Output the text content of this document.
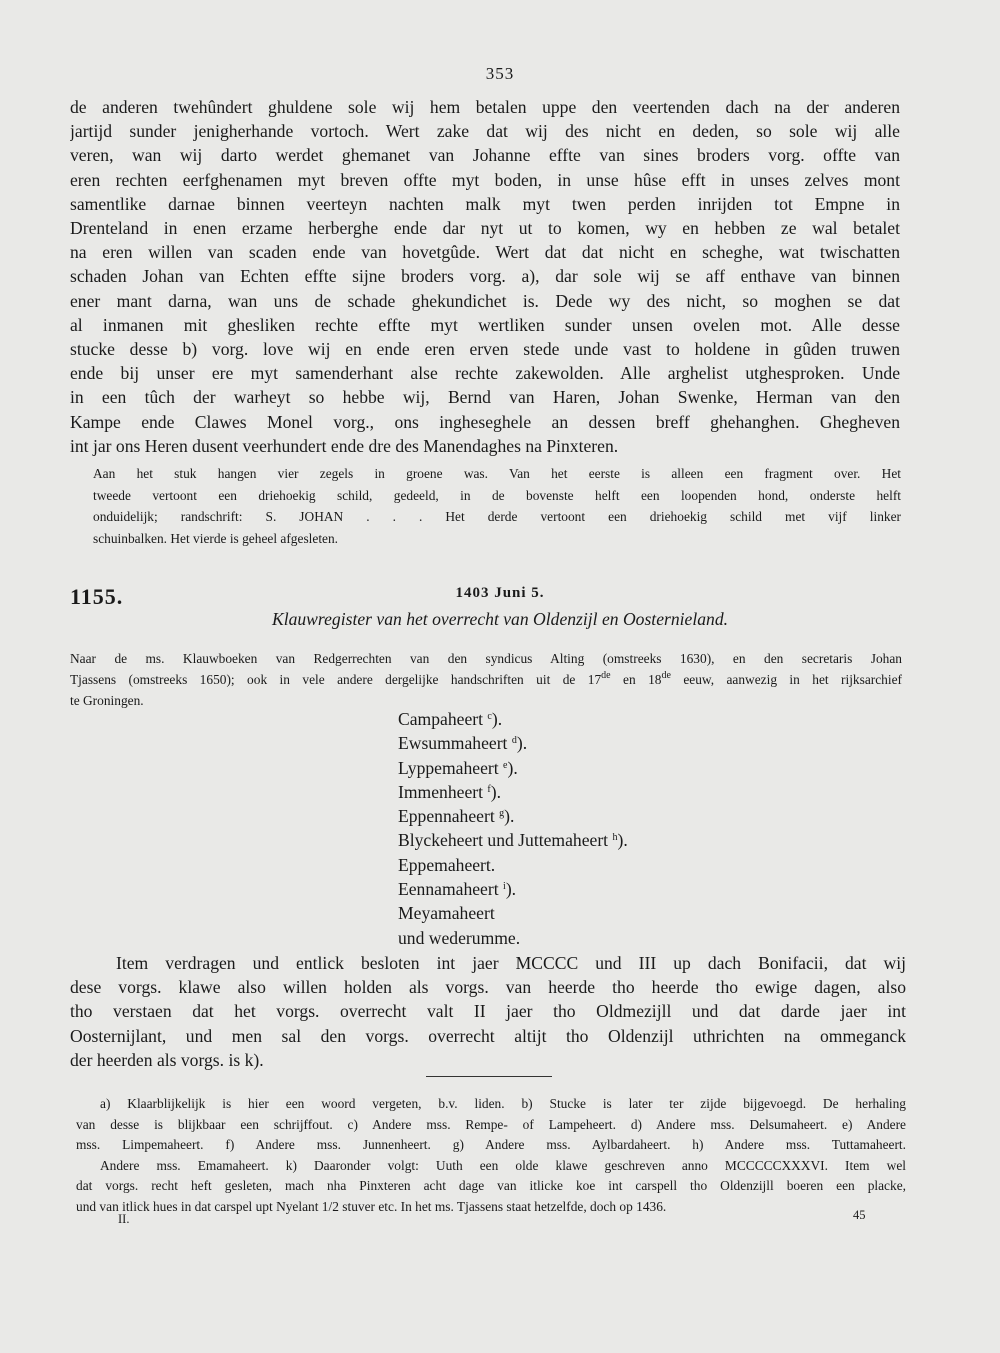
353
de anderen twehûndert ghuldene sole wij hem betalen uppe den veertenden dach na der anderen
jartijd sunder jenigherhande vortoch. Wert zake dat wij des nicht en deden, so sole wij alle
veren, wan wij darto werdet ghemanet van Johanne effte van sines broders vorg. offte van
eren rechten eerfghenamen myt breven offte myt boden, in unse hûse efft in unses zelves mont
samentlike darnae binnen veerteyn nachten malk myt twen perden inrijden tot Empne in
Drenteland in enen erzame herberghe ende dar nyt ut to komen, wy en hebben ze wal betalet
na eren willen van scaden ende van hovetgûde. Wert dat dat nicht en scheghe, wat twischatten
schaden Johan van Echten effte sijne broders vorg. a), dar sole wij se aff enthave van binnen
ener mant darna, wan uns de schade ghekundichet is. Dede wy des nicht, so moghen se dat
al inmanen mit ghesliken rechte effte myt wertliken sunder unsen ovelen mot. Alle desse
stucke desse b) vorg. love wij en ende eren erven stede unde vast to holdene in gûden truwen
ende bij unser ere myt samenderhant alse rechte zakewolden. Alle arghelist utghesproken. Unde
in een tûch der warheyt so hebbe wij, Bernd van Haren, Johan Swenke, Herman van den
Kampe ende Clawes Monel vorg., ons ingheseghele an dessen breff ghehanghen. Ghegheven
int jar ons Heren dusent veerhundert ende dre des Manendaghes na Pinxteren.
Aan het stuk hangen vier zegels in groene was. Van het eerste is alleen een fragment over. Het
tweede vertoont een driehoekig schild, gedeeld, in de bovenste helft een loopenden hond, onderste helft
onduidelijk; randschrift: S. JOHAN . . . Het derde vertoont een driehoekig schild met vijf linker
schuinbalken. Het vierde is geheel afgesleten.
1155.	1403 Juni 5.
Klauwregister van het overrecht van Oldenzijl en Oosternieland.
Naar de ms. Klauwboeken van Redgerrechten van den syndicus Alting (omstreeks 1630), en den secretaris Johan
Tjassens (omstreeks 1650); ook in vele andere dergelijke handschriften uit de 17de en 18de eeuw, aanwezig in het rijksarchief
te Groningen.
Campaheert $^c$).
Ewsummaheert $^d$).
Lyppemaheert $^e$).
Immenheert $^f$).
Eppennaheert $^g$).
Blyckeheert und Juttemaheert $^h$).
Eppemaheert.
Eennamaheert $^i$).
Meyamaheert
und wederumme.
Item verdragen und entlick besloten int jaer MCCCC und III up dach Bonifacii, dat wij
dese vorgs. klawe also willen holden als vorgs. van heerde tho heerde tho ewige dagen, also
tho verstaen dat het vorgs. overrecht valt II jaer tho Oldmezijll und dat darde jaer int
Oosternijlant, und men sal den vorgs. overrecht altijt tho Oldenzijl uthrichten na ommeganck
der heerden als vorgs. is k).
a) Klaarblijkelijk is hier een woord vergeten, b.v. liden. b) Stucke is later ter zijde bijgevoegd. De herhaling
van desse is blijkbaar een schrijffout. c) Andere mss. Rempe- of Lampeheert. d) Andere mss. Delsumaheert. e) Andere
mss. Limpemaheert. f) Andere mss. Junnenheert. g) Andere mss. Aylbardaheert. h) Andere mss. Tuttamaheert.
Andere mss. Emamaheert. k) Daaronder volgt: Uuth een olde klawe geschreven anno MCCCCCXXXVI. Item wel
dat vorgs. recht heft gesleten, mach nha Pinxteren acht dage van itlicke koe int carspell tho Oldenzijll boeren een placke,
und van itlick hues in dat carspel upt Nyelant 1/2 stuver etc. In het ms. Tjassens staat hetzelfde, doch op 1436.
II.	45
